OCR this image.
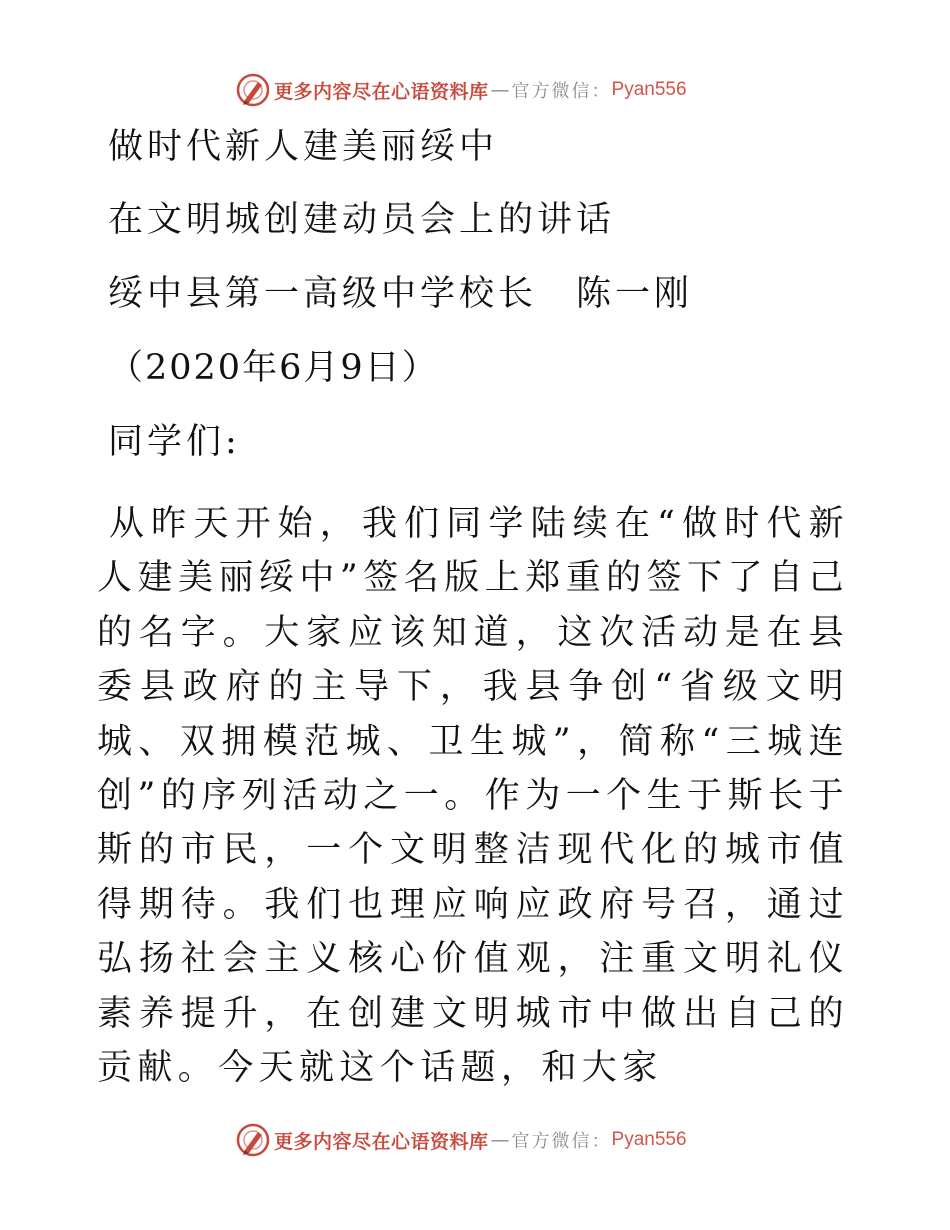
更多内容尽在心语资料库 — 官方微信： Pyan556
做时代新人建美丽绥中
在文明城创建动员会上的讲话
绥中县第一高级中学校长　陈一刚
（2020年6月9日）
同学们:

从昨天开始，我们同学陆续在“做时代新人建美丽绥中”签名版上郑重的签下了自己的名字。大家应该知道，这次活动是在县委县政府的主导下，我县争创“省级文明城、双拥模范城、卫生城”，简称“三城连创”的序列活动之一。作为一个生于斯长于斯的市民，一个文明整洁现代化的城市值得期待。我们也理应响应政府号召，通过弘扬社会主义核心价值观，注重文明礼仪素养提升，在创建文明城市中做出自己的贡献。今天就这个话题，和大家

更多内容尽在心语资料库 — 官方微信： Pyan556
